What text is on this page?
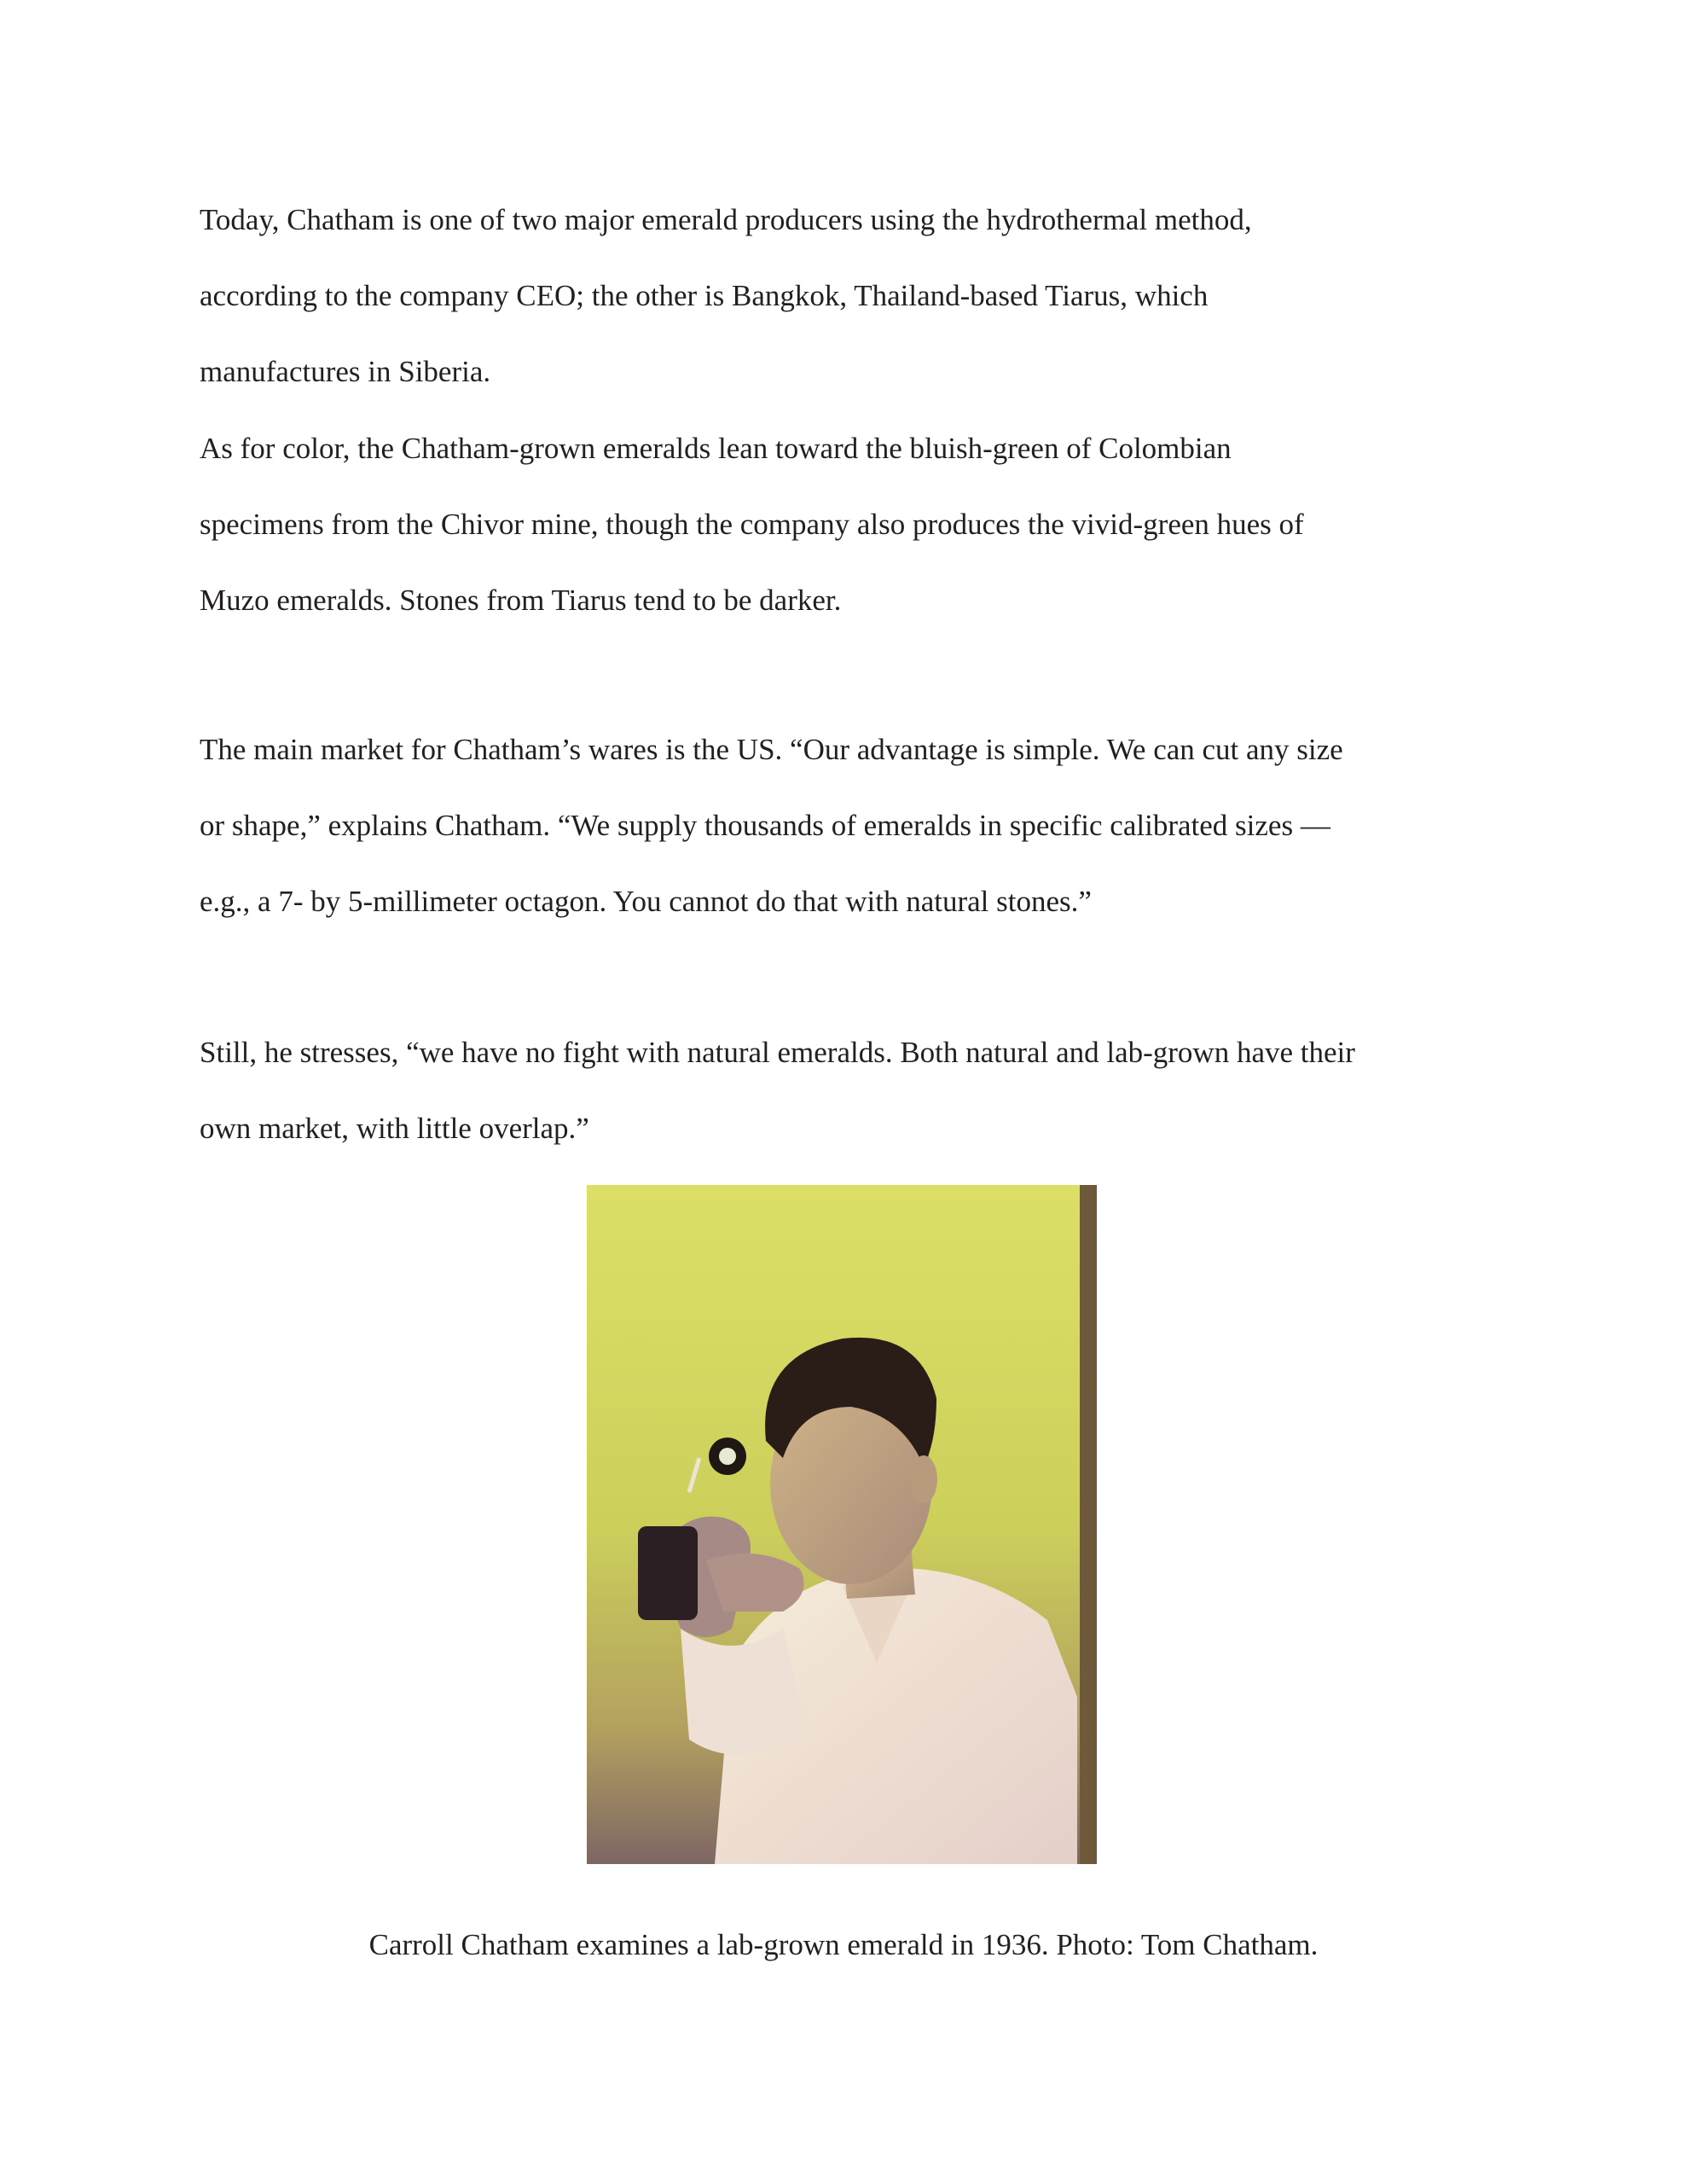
Today, Chatham is one of two major emerald producers using the hydrothermal method,
according to the company CEO; the other is Bangkok, Thailand-based Tiarus, which
manufactures in Siberia.

As for color, the Chatham-grown emeralds lean toward the bluish-green of Colombian
specimens from the Chivor mine, though the company also produces the vivid-green hues of
Muzo emeralds. Stones from Tiarus tend to be darker.

The main market for Chatham’s wares is the US. “Our advantage is simple. We can cut any size
or shape,” explains Chatham. “We supply thousands of emeralds in specific calibrated sizes —
e.g., a 7- by 5-millimeter octagon. You cannot do that with natural stones.”

Still, he stresses, “we have no fight with natural emeralds. Both natural and lab-grown have their
own market, with little overlap.”

Carroll Chatham examines a lab-grown emerald in 1936. Photo: Tom Chatham.
